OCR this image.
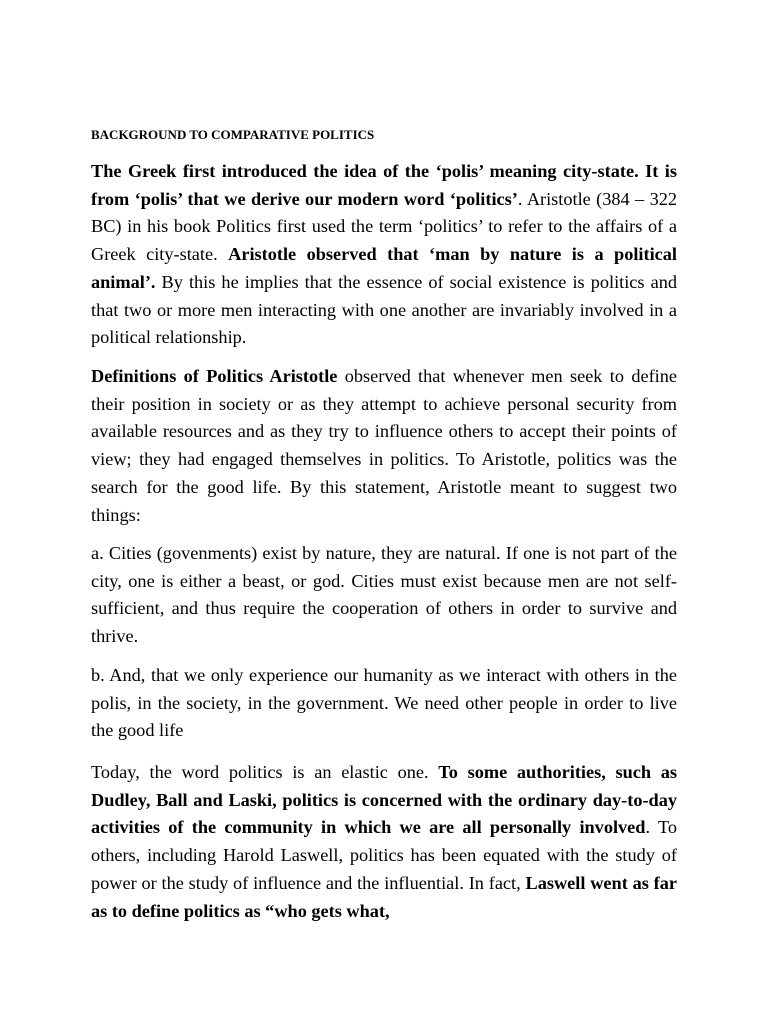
BACKGROUND TO COMPARATIVE POLITICS

The Greek first introduced the idea of the ‘polis’ meaning city-state. It is from ‘polis’ that we derive our modern word ‘politics’. Aristotle (384 – 322 BC) in his book Politics first used the term ‘politics’ to refer to the affairs of a Greek city-state. Aristotle observed that ‘man by nature is a political animal’. By this he implies that the essence of social existence is politics and that two or more men interacting with one another are invariably involved in a political relationship.

Definitions of Politics Aristotle observed that whenever men seek to define their position in society or as they attempt to achieve personal security from available resources and as they try to influence others to accept their points of view; they had engaged themselves in politics. To Aristotle, politics was the search for the good life. By this statement, Aristotle meant to suggest two things:

a. Cities (govenments) exist by nature, they are natural. If one is not part of the city, one is either a beast, or god. Cities must exist because men are not self-sufficient, and thus require the cooperation of others in order to survive and thrive.

b. And, that we only experience our humanity as we interact with others in the polis, in the society, in the government. We need other people in order to live the good life

Today, the word politics is an elastic one. To some authorities, such as Dudley, Ball and Laski, politics is concerned with the ordinary day-to-day activities of the community in which we are all personally involved. To others, including Harold Laswell, politics has been equated with the study of power or the study of influence and the influential. In fact, Laswell went as far as to define politics as “who gets what,
